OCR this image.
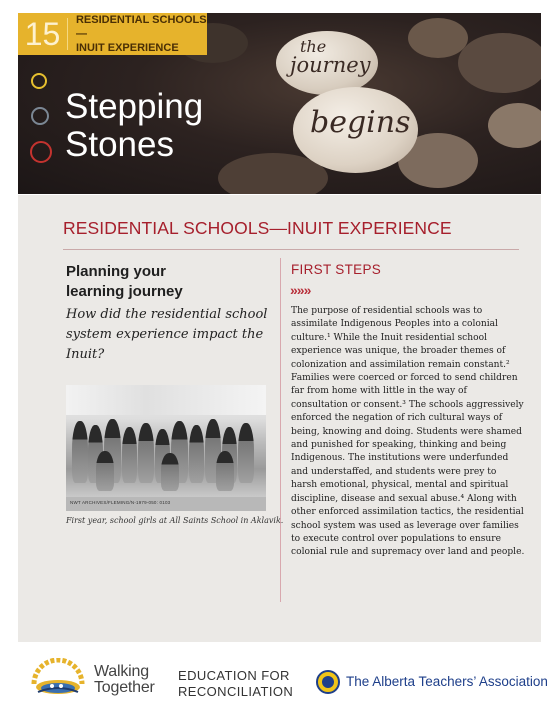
the
journey
begins
15	RESIDENTIAL SCHOOLS—
INUIT EXPERIENCE
Stepping
Stones
RESIDENTIAL SCHOOLS—INUIT EXPERIENCE
Planning your
learning journey
How did the residential school system experience impact the Inuit?
NWT ARCHIVES/FLEMING/N-1979-050: 0103
First year, school girls at All Saints School in Aklavik.
FIRST STEPS
»»»
The purpose of residential schools was to assimilate Indigenous Peoples into a colonial culture.¹ While the Inuit residential school experience was unique, the broader themes of colonization and assimilation remain constant.² Families were coerced or forced to send children far from home with little in the way of consultation or consent.³ The schools aggressively enforced the negation of rich cultural ways of being, knowing and doing. Students were shamed and punished for speaking, thinking and being Indigenous. The institutions were underfunded and understaffed, and students were prey to harsh emotional, physical, mental and spiritual discipline, disease and sexual abuse.⁴ Along with other enforced assimilation tactics, the residential school system was used as leverage over families to execute control over populations to ensure colonial rule and supremacy over land and people.
Walking
Together
EDUCATION FOR
RECONCILIATION
The Alberta Teachers’ Association
